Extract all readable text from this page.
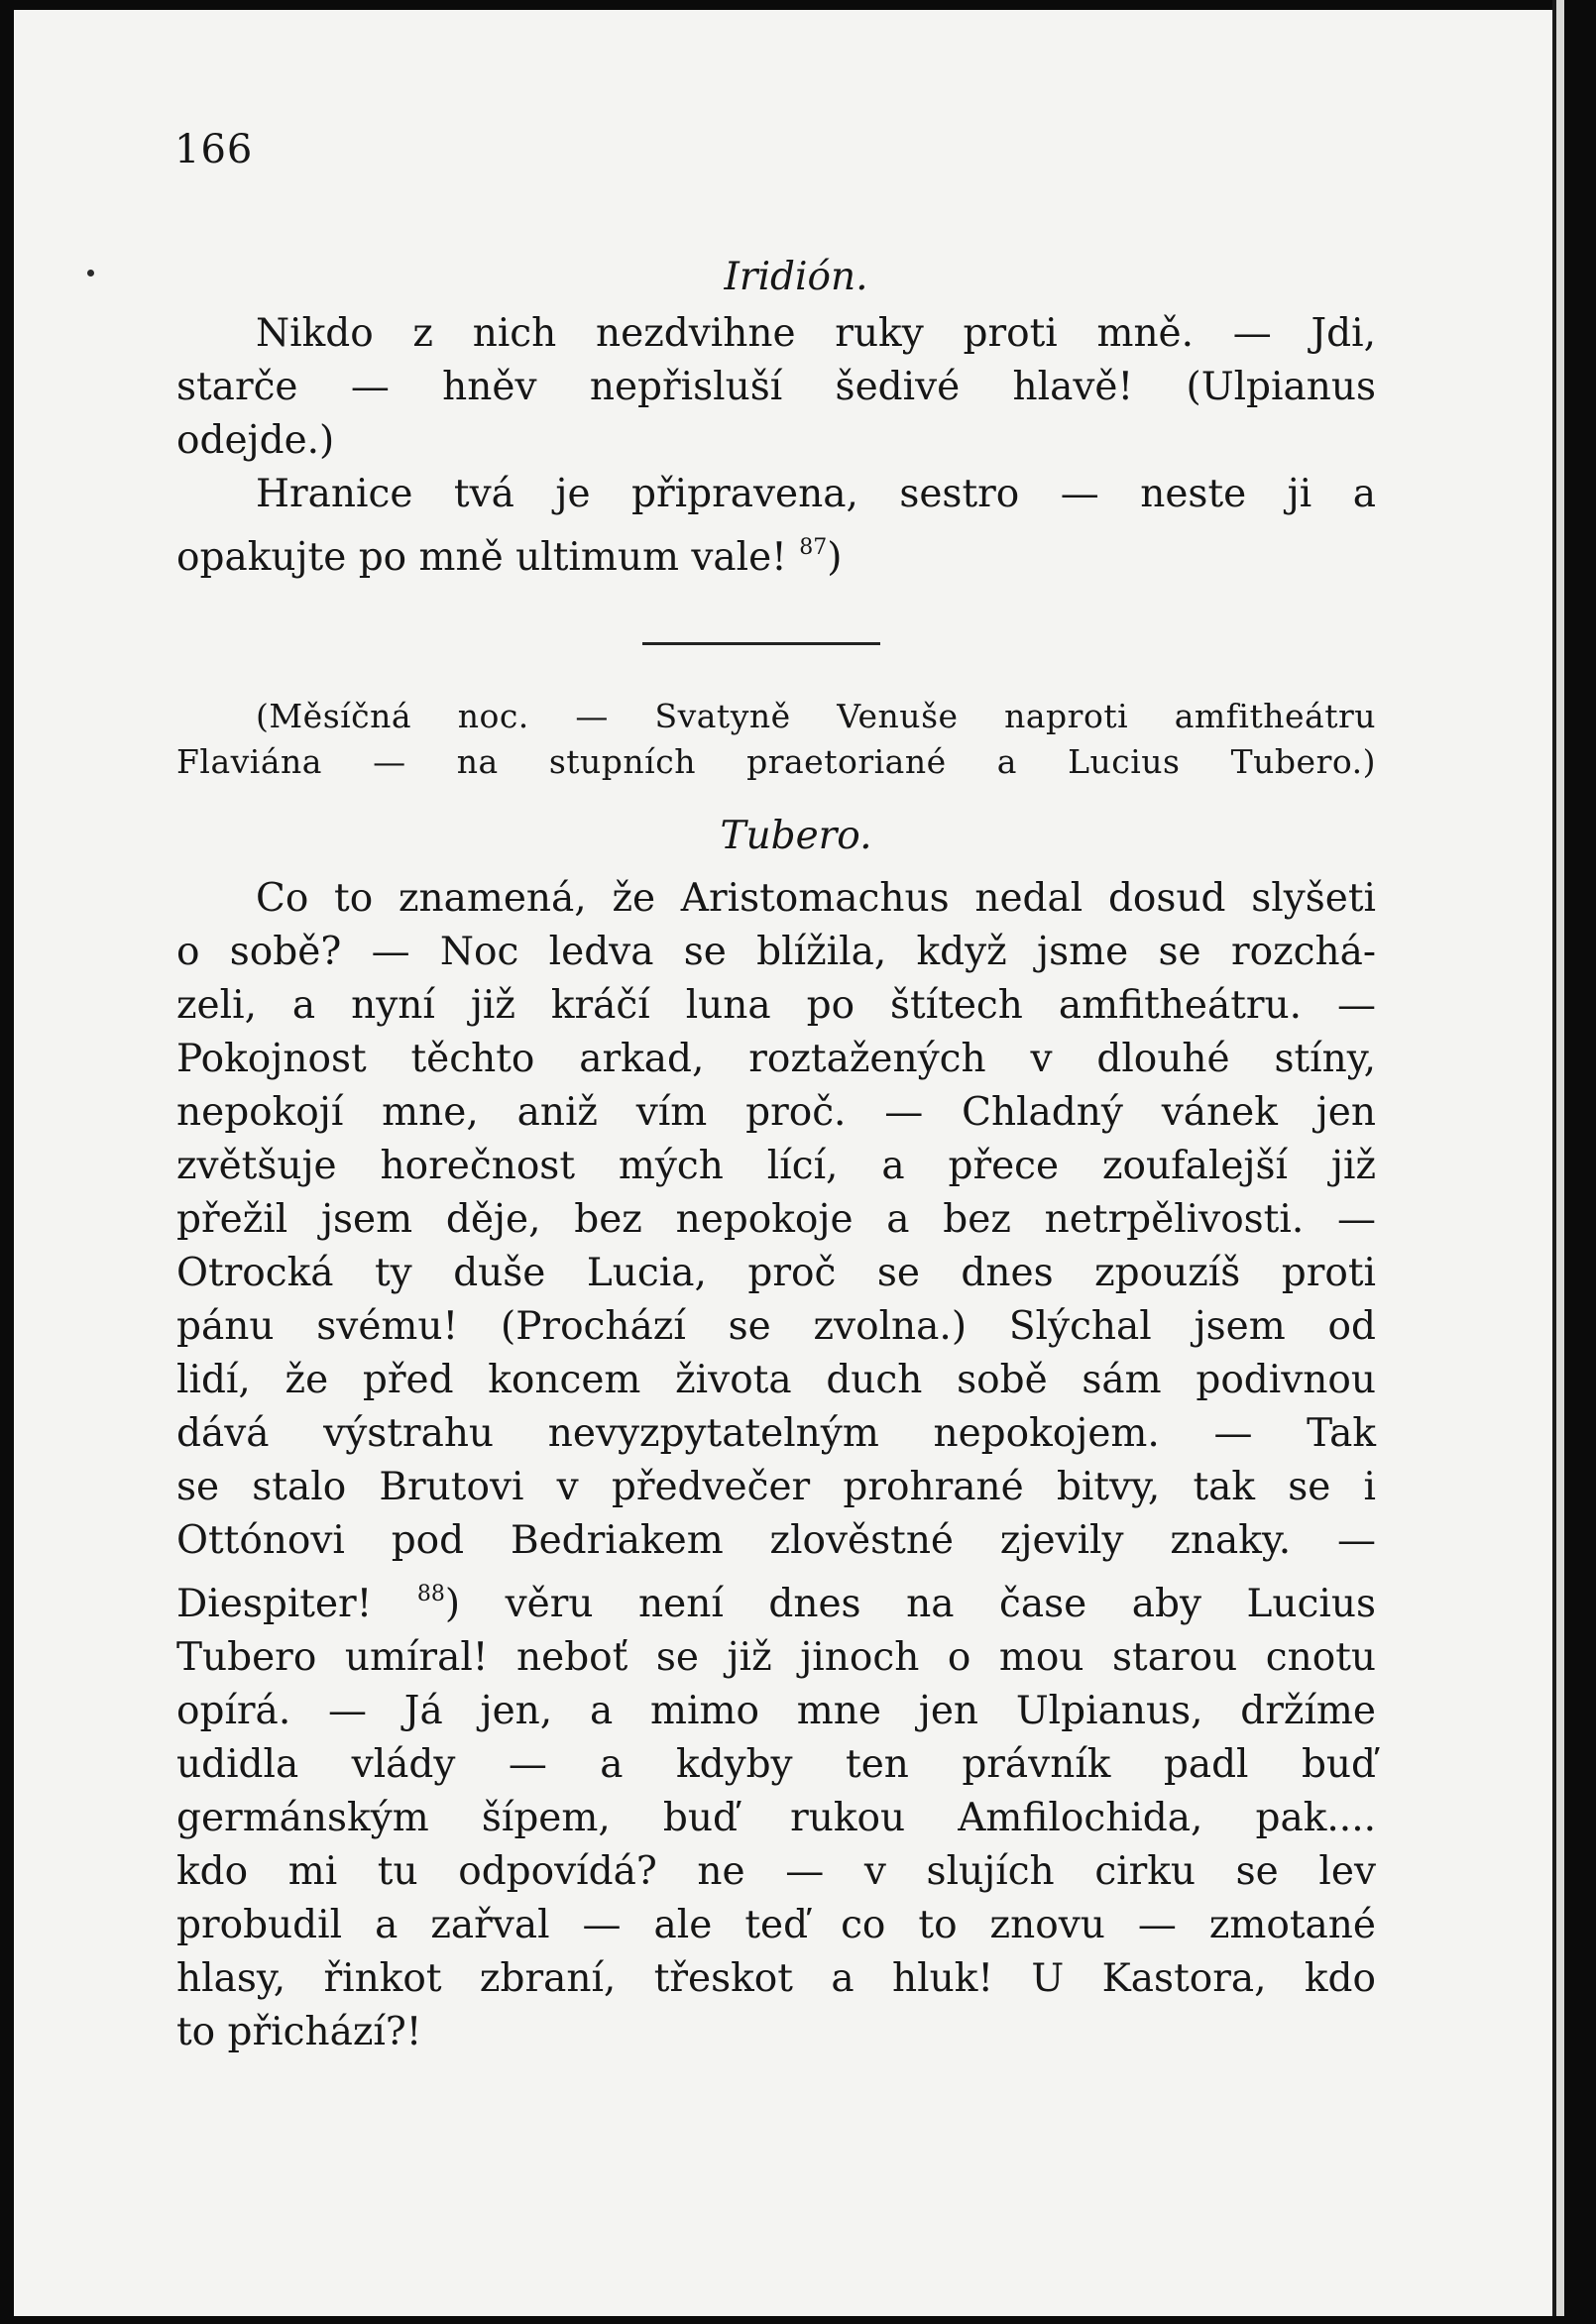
166

Iridión.

Nikdo z nich nezdvihne ruky proti mně. — Jdi,
starče — hněv nepřisluší šedivé hlavě! (Ulpianus
odejde.)
Hranice tvá je připravena, sestro — neste ji a
opakujte po mně ultimum vale! $^{87}$)
(Měsíčná noc. — Svatyně Venuše naproti amfitheátru
Flaviána — na stupních praetoriané a Lucius Tubero.)

Tubero.

Co to znamená, že Aristomachus nedal dosud slyšeti
o sobě? — Noc ledva se blížila, když jsme se rozchá-
zeli, a nyní již kráčí luna po štítech amfitheátru. —
Pokojnost těchto arkad, roztažených v dlouhé stíny,
nepokojí mne, aniž vím proč. — Chladný vánek jen
zvětšuje horečnost mých lící, a přece zoufalejší již
přežil jsem děje, bez nepokoje a bez netrpělivosti. —
Otrocká ty duše Lucia, proč se dnes zpouzíš proti
pánu svému! (Prochází se zvolna.) Slýchal jsem od
lidí, že před koncem života duch sobě sám podivnou
dává výstrahu nevyzpytatelným nepokojem. — Tak
se stalo Brutovi v předvečer prohrané bitvy, tak se i
Ottónovi pod Bedriakem zlověstné zjevily znaky. —
Diespiter! $^{88}$) věru není dnes na čase aby Lucius
Tubero umíral! neboť se již jinoch o mou starou cnotu
opírá. — Já jen, a mimo mne jen Ulpianus, držíme
udidla vlády — a kdyby ten právník padl buď
germánským šípem, buď rukou Amfilochida, pak....
kdo mi tu odpovídá? ne — v slujích cirku se lev
probudil a zařval — ale teď co to znovu — zmotané
hlasy, řinkot zbraní, třeskot a hluk! U Kastora, kdo
to přichází?!
